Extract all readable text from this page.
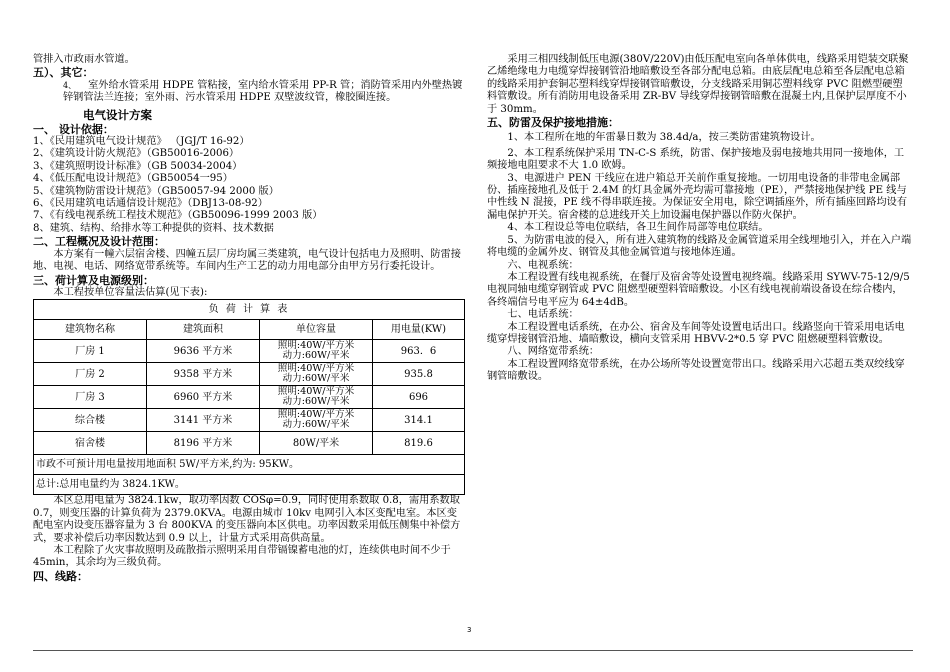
管排入市政雨水管道。

五）、其它：

$^{4、}$ 室外给水管采用 HDPE 管粘接，室内给水管采用 PP-R 管；消防管采用内外壁热镀锌钢管法兰连接；室外雨、污水管采用 HDPE 双壁波纹管，橡胶圈连接。

电气设计方案

一、 设计依据：

1、《民用建筑电气设计规范》 （JGJ/T 16-92）

2、《建筑设计防火规范》（GB50016-2006）

3、《建筑照明设计标准》（GB 50034-2004）

4、《低压配电设计规范》（GB50054一95）

5、《建筑物防雷设计规范》（GB50057-94 2000 版）

6、《民用建筑电话通信设计规范》（DBJ13-08-92）

7、《有线电视系统工程技术规范》（GB50096-1999 2003 版）

8、建筑、结构、给排水等工种提供的资料、技术数据

二、工程概况及设计范围：

本方案有一幢六层宿舍楼、四幢五层厂房均属三类建筑，电气设计包括电力及照明、防雷接地、电视、电话、网络宽带系统等。车间内生产工艺的动力用电部分由甲方另行委托设计。

三、荷计算及电源级别：

本工程按单位容量法估算(见下表):

负 荷 计 算 表			
建筑物名称	建筑面积	单位容量	用电量(KW)
厂房 1	9636 平方米	照明:40W/平方米
动力:60W/平米	963．6
厂房 2	9358 平方米	照明:40W/平方米
动力:60W/平米	935.8
厂房 3	6960 平方米	照明:40W/平方米
动力:60W/平米	696
综合楼	3141 平方米	照明:40W/平方米
动力:60W/平米	314.1
宿舍楼	8196 平方米	80W/平米	819.6
市政不可预计用电量按用地面积 5W/平方米,约为: 95KW。			
总计:总用电量约为 3824.1KW。			

本区总用电量为 3824.1kw，取功率因数 COSφ=0.9，同时使用系数取 0.8，需用系数取 0.7，则变压器的计算负荷为 2379.0KVA。电源由城市 10kv 电网引入本区变配电室。本区变配电室内设变压器容量为 3 台 800KVA 的变压器向本区供电。功率因数采用低压侧集中补偿方式，要求补偿后功率因数达到 0.9 以上，计量方式采用高供高量。

本工程除了火灾事故照明及疏散指示照明采用自带镉镍蓄电池的灯，连续供电时间不少于 45min，其余均为三级负荷。

四、线路：

采用三相四线制低压电源(380V/220V)由低压配电室向各单体供电，线路采用铠装交联聚乙烯绝缘电力电缆穿焊接钢管沿地暗敷设至各部分配电总箱。由底层配电总箱至各层配电总箱的线路采用护套铜芯塑料线穿焊接钢管暗敷设，分支线路采用铜芯塑料线穿 PVC 阻燃型硬塑料管敷设。所有消防用电设备采用 ZR-BV 导线穿焊接钢管暗敷在混凝土内,且保护层厚度不小于 30mm。

五、防雷及保护接地措施：

1、本工程所在地的年雷暴日数为 38.4d/a，按三类防雷建筑物设计。

2、本工程系统保护采用 TN-C-S 系统，防雷、保护接地及弱电接地共用同一接地体，工频接地电阻要求不大 1.0 欧姆。

3、电源进户 PEN 干线应在进户箱总开关前作重复接地。一切用电设备的非带电金属部份、插座接地孔及低于 2.4M 的灯具金属外壳均需可靠接地（PE），严禁接地保护线 PE 线与中性线 N 混接，PE 线不得串联连接。为保证安全用电，除空调插座外，所有插座回路均设有漏电保护开关。宿舍楼的总进线开关上加设漏电保护器以作防火保护。

4、本工程设总等电位联结，各卫生间作局部等电位联结。

5、为防雷电波的侵入，所有进入建筑物的线路及金属管道采用全线埋地引入，并在入户端将电缆的金属外皮、钢管及其他金属管道与接地体连通。

六、电视系统：

本工程设置有线电视系统，在餐厅及宿舍等处设置电视终端。线路采用 SYWV-75-12/9/5 电视同轴电缆穿钢管或 PVC 阻燃型硬塑料管暗敷设。小区有线电视前端设备设在综合楼内，各终端信号电平应为 64±4dB。

七、电话系统：

本工程设置电话系统，在办公、宿舍及车间等处设置电话出口。线路竖向干管采用电话电缆穿焊接钢管沿地、墙暗敷设，横向支管采用 HBVV-2*0.5 穿 PVC 阻燃硬塑料管敷设。

八、网络宽带系统：

本工程设置网络宽带系统，在办公场所等处设置宽带出口。线路采用六芯超五类双绞线穿钢管暗敷设。

3
